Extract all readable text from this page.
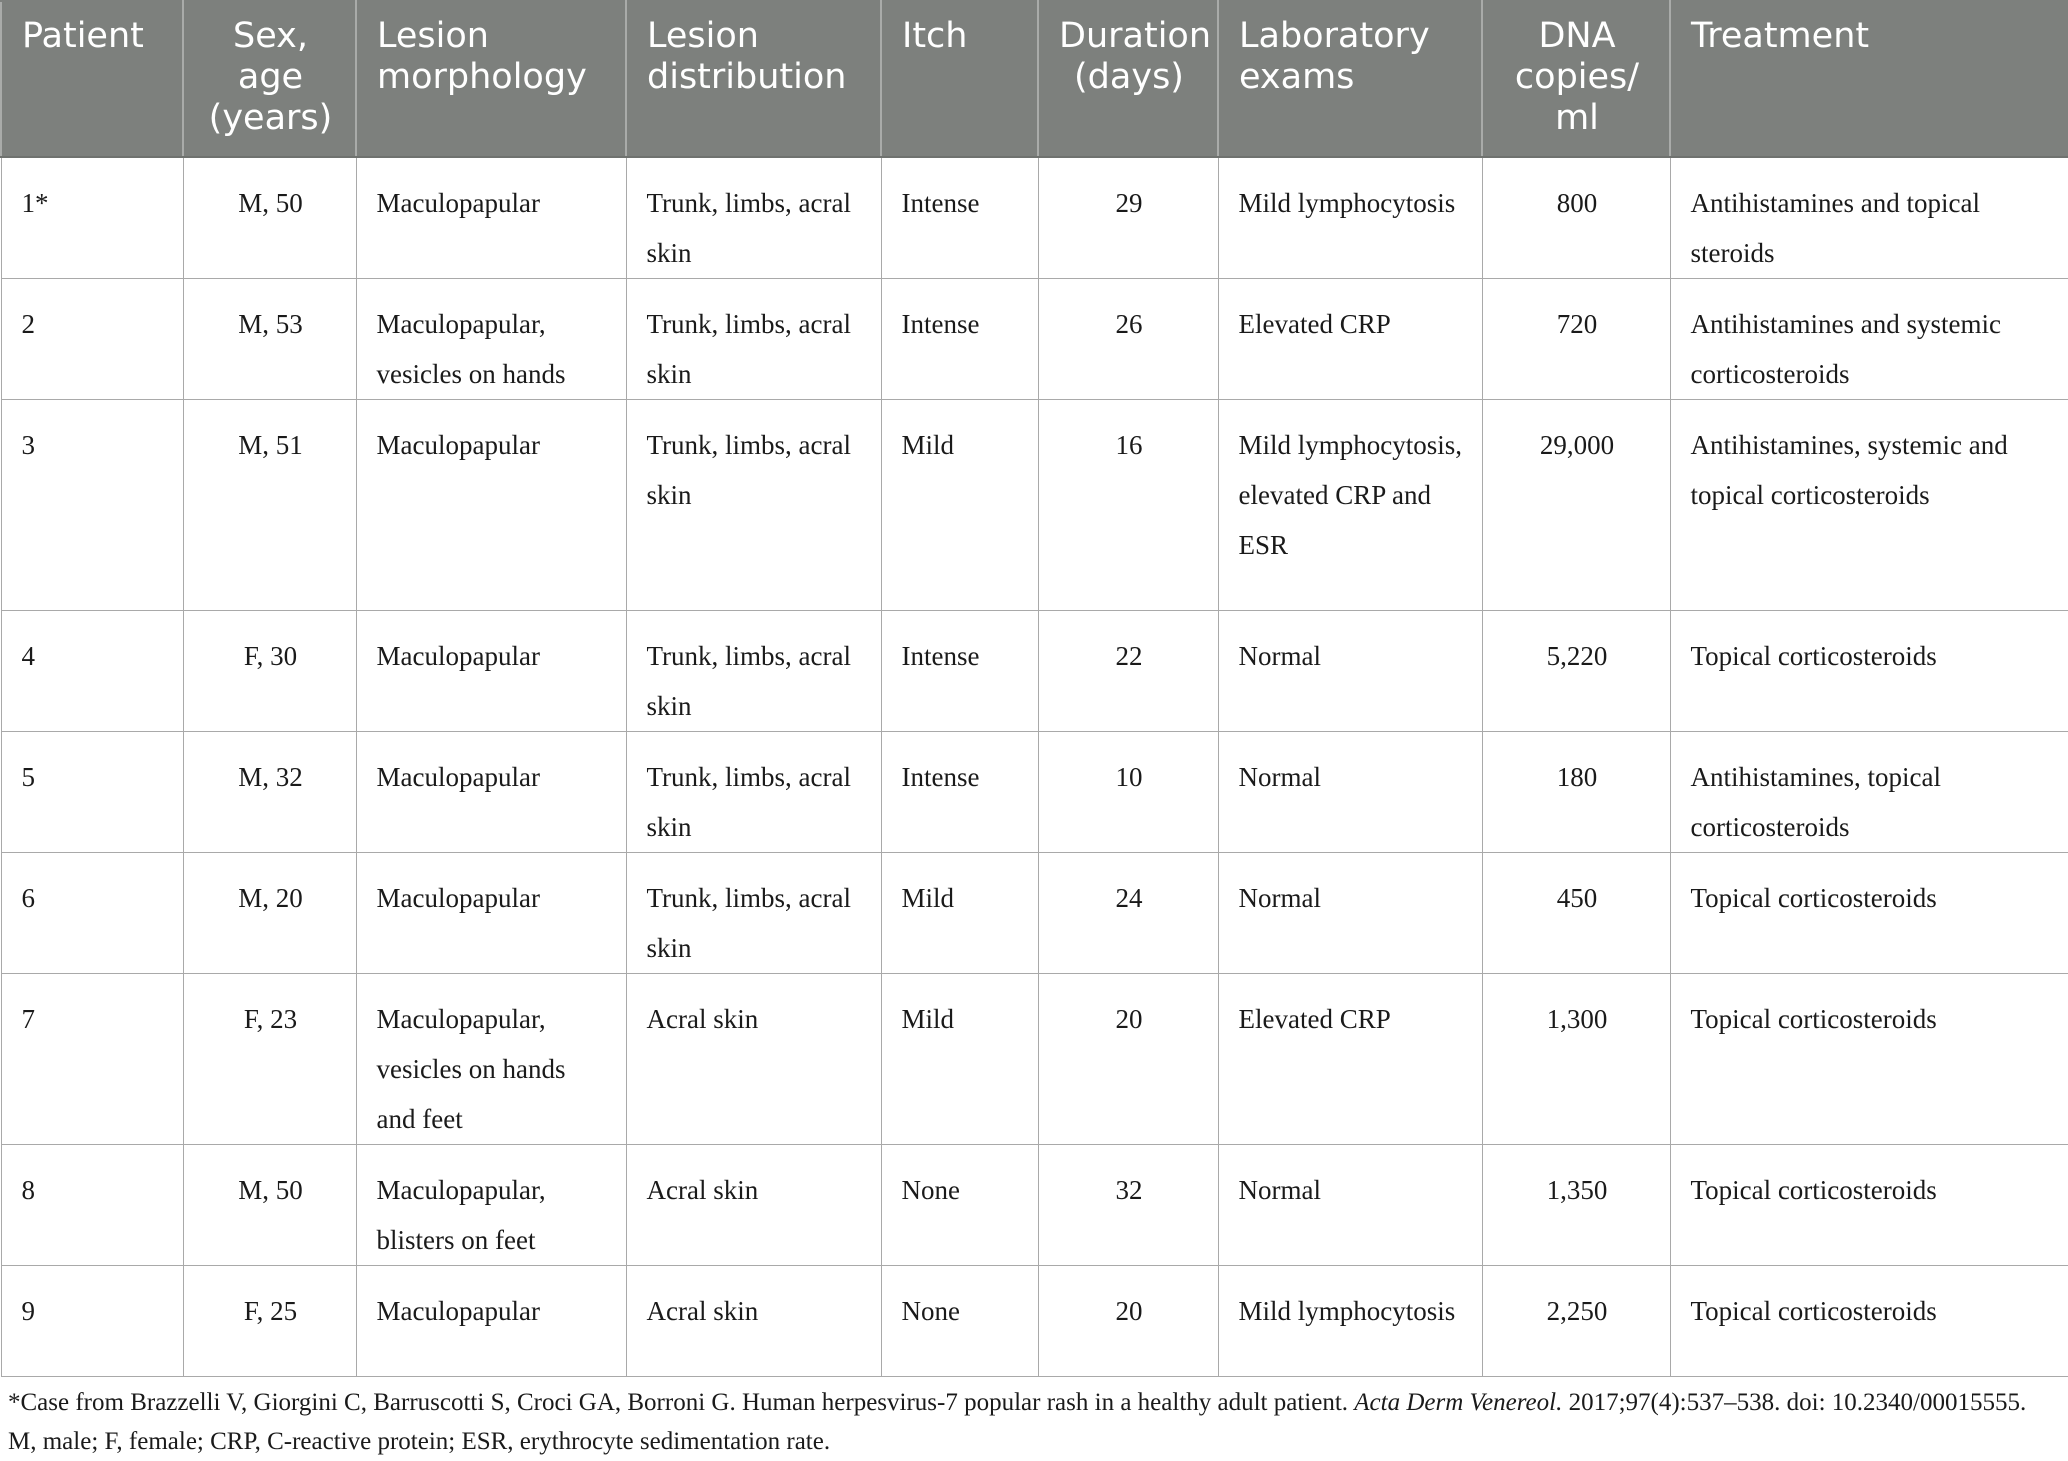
Patient	Sex, age (years)	Lesion morphology	Lesion distribution	Itch	Duration (days)	Laboratory exams	DNA copies/ ml	Treatment
1*	M, 50	Maculopapular	Trunk, limbs, acral skin	Intense	29	Mild lymphocytosis	800	Antihistamines and topical steroids
2	M, 53	Maculopapular, vesicles on hands	Trunk, limbs, acral skin	Intense	26	Elevated CRP	720	Antihistamines and systemic corticosteroids
3	M, 51	Maculopapular	Trunk, limbs, acral skin	Mild	16	Mild lymphocytosis, elevated CRP and ESR	29,000	Antihistamines, systemic and topical corticosteroids
4	F, 30	Maculopapular	Trunk, limbs, acral skin	Intense	22	Normal	5,220	Topical corticosteroids
5	M, 32	Maculopapular	Trunk, limbs, acral skin	Intense	10	Normal	180	Antihistamines, topical corticosteroids
6	M, 20	Maculopapular	Trunk, limbs, acral skin	Mild	24	Normal	450	Topical corticosteroids
7	F, 23	Maculopapular, vesicles on hands and feet	Acral skin	Mild	20	Elevated CRP	1,300	Topical corticosteroids
8	M, 50	Maculopapular, blisters on feet	Acral skin	None	32	Normal	1,350	Topical corticosteroids
9	F, 25	Maculopapular	Acral skin	None	20	Mild lymphocytosis	2,250	Topical corticosteroids

*Case from Brazzelli V, Giorgini C, Barruscotti S, Croci GA, Borroni G. Human herpesvirus-7 popular rash in a healthy adult patient. Acta Derm Venereol. 2017;97(4):537–538. doi: 10.2340/00015555.

M, male; F, female; CRP, C-reactive protein; ESR, erythrocyte sedimentation rate.
